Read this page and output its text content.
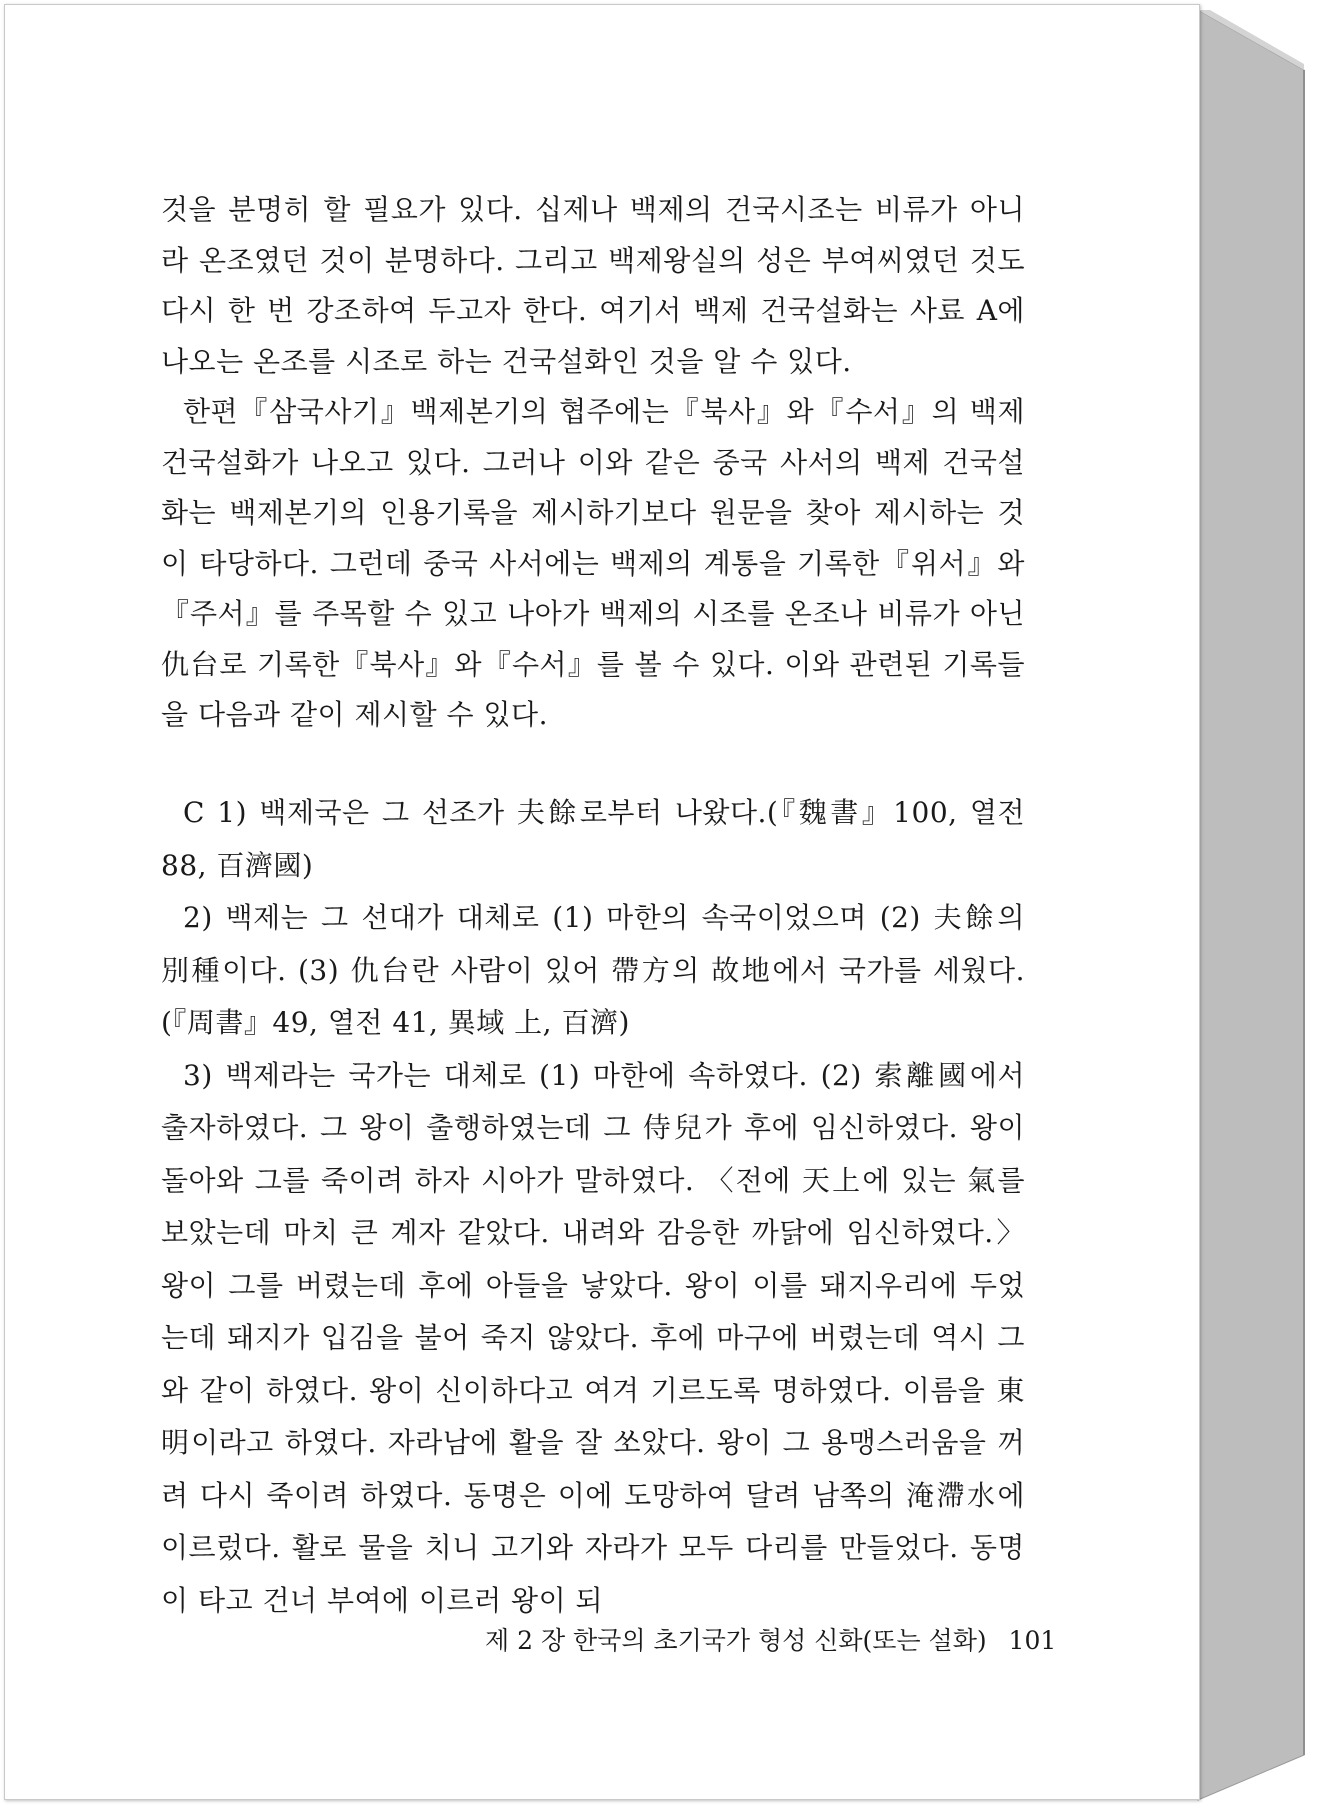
것을 분명히 할 필요가 있다. 십제나 백제의 건국시조는 비류가 아니라 온조였던 것이 분명하다. 그리고 백제왕실의 성은 부여씨였던 것도 다시 한 번 강조하여 두고자 한다. 여기서 백제 건국설화는 사료 A에 나오는 온조를 시조로 하는 건국설화인 것을 알 수 있다.

한편『삼국사기』백제본기의 협주에는『북사』와『수서』의 백제 건국설화가 나오고 있다. 그러나 이와 같은 중국 사서의 백제 건국설화는 백제본기의 인용기록을 제시하기보다 원문을 찾아 제시하는 것이 타당하다. 그런데 중국 사서에는 백제의 계통을 기록한『위서』와『주서』를 주목할 수 있고 나아가 백제의 시조를 온조나 비류가 아닌 仇台로 기록한『북사』와『수서』를 볼 수 있다. 이와 관련된 기록들을 다음과 같이 제시할 수 있다.

C 1) 백제국은 그 선조가 夫餘로부터 나왔다.(『魏書』100, 열전 88, 百濟國)

2) 백제는 그 선대가 대체로 (1) 마한의 속국이었으며 (2) 夫餘의 別種이다. (3) 仇台란 사람이 있어 帶方의 故地에서 국가를 세웠다.(『周書』49, 열전 41, 異域 上, 百濟)

3) 백제라는 국가는 대체로 (1) 마한에 속하였다. (2) 索離國에서 출자하였다. 그 왕이 출행하였는데 그 侍兒가 후에 임신하였다. 왕이 돌아와 그를 죽이려 하자 시아가 말하였다. 〈전에 天上에 있는 氣를 보았는데 마치 큰 계자 같았다. 내려와 감응한 까닭에 임신하였다.〉 왕이 그를 버렸는데 후에 아들을 낳았다. 왕이 이를 돼지우리에 두었는데 돼지가 입김을 불어 죽지 않았다. 후에 마구에 버렸는데 역시 그와 같이 하였다. 왕이 신이하다고 여겨 기르도록 명하였다. 이름을 東明이라고 하였다. 자라남에 활을 잘 쏘았다. 왕이 그 용맹스러움을 꺼려 다시 죽이려 하였다. 동명은 이에 도망하여 달려 남쪽의 淹滯水에 이르렀다. 활로 물을 치니 고기와 자라가 모두 다리를 만들었다. 동명이 타고 건너 부여에 이르러 왕이 되

제 2 장 한국의 초기국가 형성 신화(또는 설화) 101
